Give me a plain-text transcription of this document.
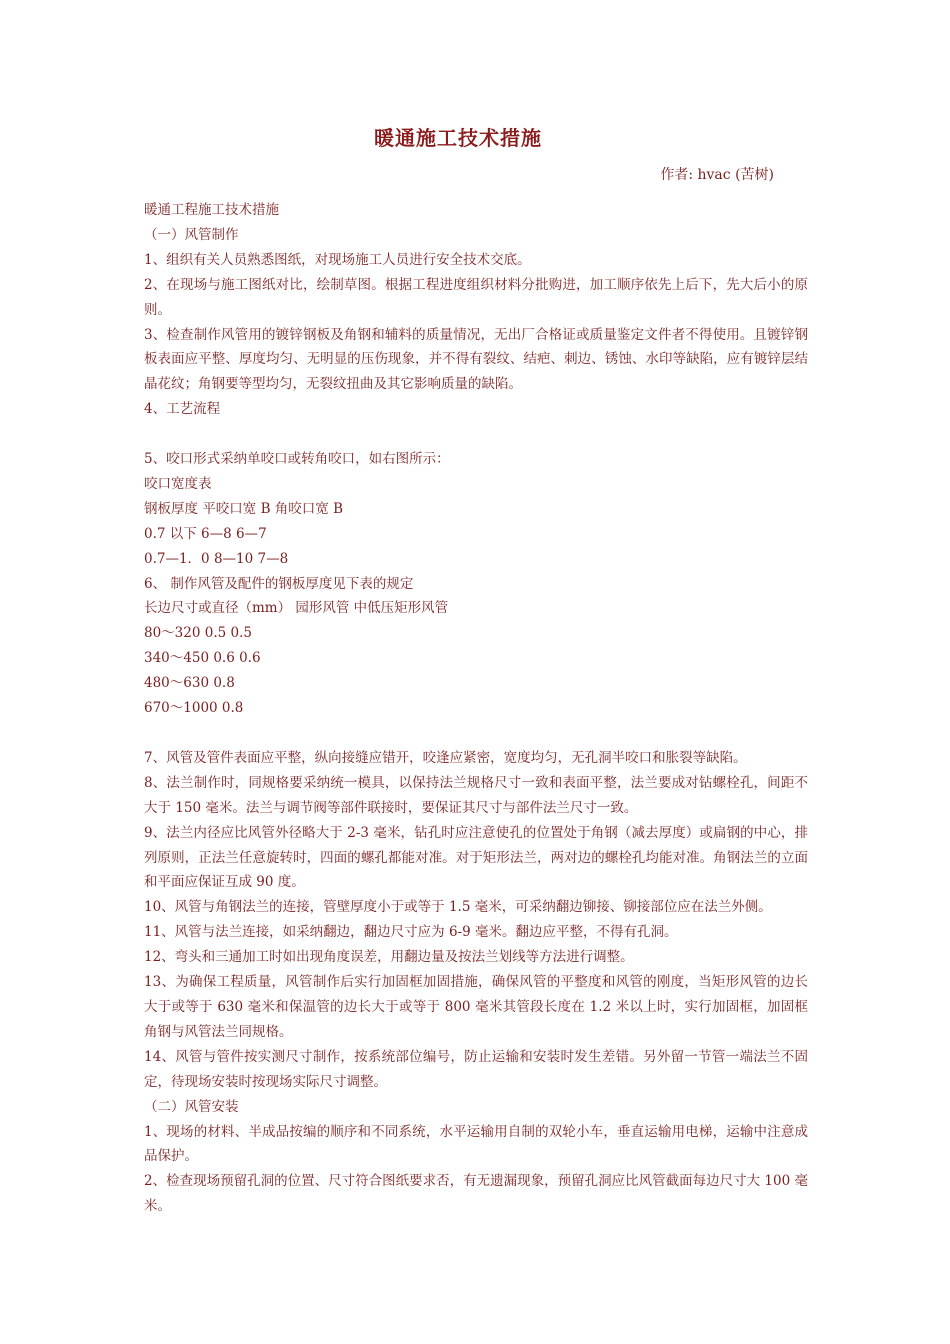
暖通施工技术措施
作者: hvac (苦树)

暖通工程施工技术措施

（一）风管制作

1、组织有关人员熟悉图纸，对现场施工人员进行安全技术交底。

2、在现场与施工图纸对比，绘制草图。根据工程进度组织材料分批购进，加工顺序依先上后下，先大后小的原则。

3、检查制作风管用的镀锌钢板及角钢和辅料的质量情况，无出厂合格证或质量鉴定文件者不得使用。且镀锌钢板表面应平整、厚度均匀、无明显的压伤现象，并不得有裂纹、结疤、刺边、锈蚀、水印等缺陷，应有镀锌层结晶花纹；角钢要等型均匀，无裂纹扭曲及其它影响质量的缺陷。

4、工艺流程

5、咬口形式采纳单咬口或转角咬口，如右图所示：

咬口宽度表

钢板厚度 平咬口宽 B 角咬口宽 B

0.7 以下 6—8 6—7

0.7—1．0 8—10 7—8

6、 制作风管及配件的钢板厚度见下表的规定

长边尺寸或直径（mm） 园形风管 中低压矩形风管

80～320 0.5 0.5

340～450 0.6 0.6

480～630 0.8

670～1000 0.8

7、风管及管件表面应平整，纵向接缝应错开，咬逢应紧密，宽度均匀，无孔洞半咬口和胀裂等缺陷。

8、法兰制作时，同规格要采纳统一模具，以保持法兰规格尺寸一致和表面平整，法兰要成对钻螺栓孔，间距不大于 150 毫米。法兰与调节阀等部件联接时，要保证其尺寸与部件法兰尺寸一致。

9、法兰内径应比风管外径略大于 2-3 毫米，钻孔时应注意使孔的位置处于角钢（减去厚度）或扁钢的中心，排列原则，正法兰任意旋转时，四面的螺孔都能对准。对于矩形法兰，两对边的螺栓孔均能对准。角钢法兰的立面和平面应保证互成 90 度。

10、风管与角钢法兰的连接，管壁厚度小于或等于 1.5 毫米，可采纳翻边铆接、铆接部位应在法兰外侧。

11、风管与法兰连接，如采纳翻边，翻边尺寸应为 6-9 毫米。翻边应平整，不得有孔洞。

12、弯头和三通加工时如出现角度误差，用翻边量及按法兰划线等方法进行调整。

13、为确保工程质量，风管制作后实行加固框加固措施，确保风管的平整度和风管的刚度，当矩形风管的边长大于或等于 630 毫米和保温管的边长大于或等于 800 毫米其管段长度在 1.2 米以上时，实行加固框，加固框角钢与风管法兰同规格。

14、风管与管件按实测尺寸制作，按系统部位编号，防止运输和安装时发生差错。另外留一节管一端法兰不固定，待现场安装时按现场实际尺寸调整。

（二）风管安装

1、现场的材料、半成品按编的顺序和不同系统，水平运输用自制的双轮小车，垂直运输用电梯，运输中注意成品保护。

2、检查现场预留孔洞的位置、尺寸符合图纸要求否，有无遗漏现象，预留孔洞应比风管截面每边尺寸大 100 毫米。
